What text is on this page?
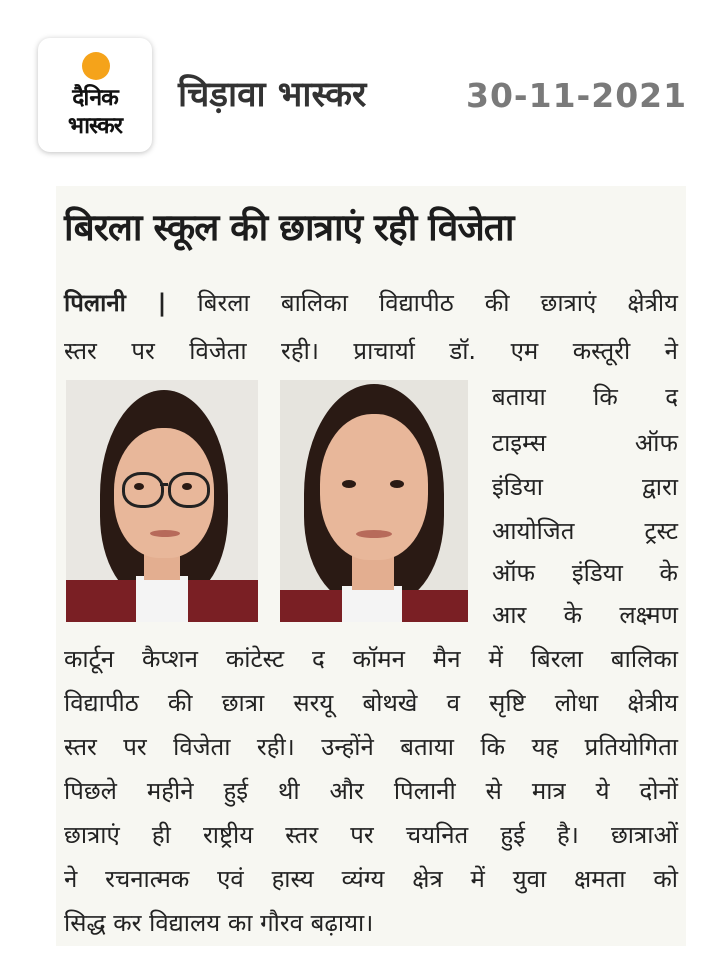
दैनिक
भास्कर
चिड़ावा भास्कर	30-11-2021
बिरला स्कूल की छात्राएं रही विजेता
पिलानी | बिरला बालिका विद्यापीठ की छात्राएं क्षेत्रीय
स्तर पर विजेता रही। प्राचार्या डॉ. एम कस्तूरी ने
बताया कि द
टाइम्स ऑफ
इंडिया द्वारा
आयोजित ट्रस्ट
ऑफ इंडिया के
आर के लक्ष्मण
कार्टून कैप्शन कांटेस्ट द कॉमन मैन में बिरला बालिका
विद्यापीठ की छात्रा सरयू बोथखे व सृष्टि लोधा क्षेत्रीय
स्तर पर विजेता रही। उन्होंने बताया कि यह प्रतियोगिता
पिछले महीने हुई थी और पिलानी से मात्र ये दोनों
छात्राएं ही राष्ट्रीय स्तर पर चयनित हुई है। छात्राओं
ने रचनात्मक एवं हास्य व्यंग्य क्षेत्र में युवा क्षमता को
सिद्ध कर विद्यालय का गौरव बढ़ाया।
